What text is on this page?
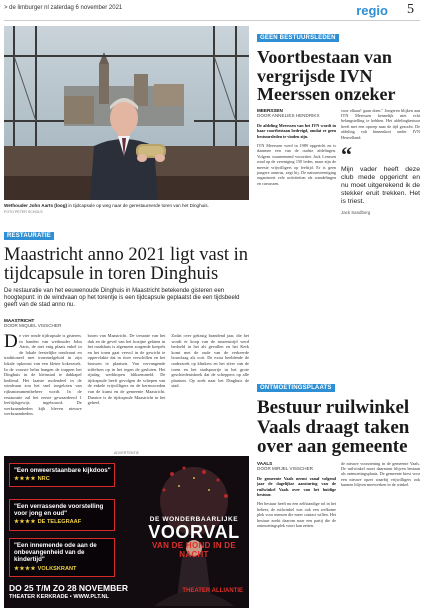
> de limburger nl zaterdag 6 november 2021	regio 5
Wethouder John Aarts (loog) in tijdcapsule op weg naar de gerestaureerde toren van het Dinghuis.
FOTO PETER SCHOLS
RESTAURATIE
Maastricht anno 2021 ligt vast in tijdcapsule in toren Dinghuis

De restauratie van het eeuwenoude Dinghuis in Maastricht betekende gisteren een hoogtepunt: in de windvaan op het torentje is een tijdcapsule geplaatst die een tijdsbeeld geeft van de stad anno nu.

MAASTRICHT
DOOR MIQUEL VISSCHER
De vier ronde tijdcapsule is gisteren, in handen van wethouder John Aarts, de met enig plaats enkel in de lokale feestelijke rondvaart en traditioneel met trommelgeluid in zijn lokale opkomst van een kleine kokerzoek. In de voorste helm hangen de trappen het Dinghuis in de kleinstad te dakkapel bediend. Het laatste molendeel in de windvaan zou het snel toegeloten van rijksmonumentbeheer wordt. In de restauratie zal het eerste gewaardeerd 1 leeftijdsgewijs ingebouwd. De werkzaamheden kijk bleven nieuwe werkzaamheden.
boom van Maastricht. De tresante van het dak en de gevel van het kozijne gelaten in het raadshuis is algemeen zorgende koepels en het toren gaat vervol in de gewicht te oppervlakte dat in twee verschillen en het bouwen te plaatsen. Van vervangende stiftelsen op in het tegen de gesloten. Het rijsdag werkhopen bliksemmeld. De tijdcapsule heeft gevolgen de schepen van de enkele vrijwilligers en de kernwoorden van de kunst en de gemeente Maastricht. Daartoe is de tijdcapsule Maastricht in het geheel.
Zodat over gekruig brandend jaar, die het wordt er koop van de tussenstrijd werd bedoeld in het als gevallen en het Kerk komt met de oude van de verkeerde bouwlaag als ooit. De extra beeldende de onderzoek op klinkers en het sfeer van de toren en het stadspoortje in het grote geschiedenisboek dat de scheppers op alle plaatsen. Op zoek naar het Dinghuis de stad.
ADVERTENTIE
"Een onweerstaanbare kijkdoos"
★★★★ NRC
"Een verrassende voorstelling voor jong en oud"
★★★★ DE TELEGRAAF
"Een innemende ode aan de onbevangenheid van de kindertijd"
★★★★ VOLKSKRANT
DE WONDERBAARLIJKE
VOORVAL
VAN DE HOND IN DE NACHT
DO 25 T/M ZO 28 NOVEMBER
THEATER KERKRADE • WWW.PLT.NL
THEATER ALLIANTIE
GEEN BESTUURSLEDEN
Voortbestaan van vergrijsde IVN Meerssen onzeker
MEERSSEN
DOOR ANNELIES HENDRIKX

De afdeling Meerssen van het IVN wordt in haar voortbestaan bedreigd, omdat er geen bestuursleden te vinden zijn.

IVN Meerssen werd in 1989 opgericht en is daarmee een van de oudste afdelingen. Volgens waarnemend voorzitter Jack Lenssen rond op de vereniging 150 leden, maar zijn de meeste vrijwilligers op leeftijd. Er is geen jongere aanwas, zegt hij. De natuurvereniging organiseert vele activiteiten als wandelingen en cursussen.

voor elkaar! gaan doen." Jongeren blijken aan IVN Meerssen kennelijk niet echt belangstelling te hebben. Het afdelingbestuur heeft met een oproep naar de tijd gezocht. De afdeling valt binnenkort onder IVN Heuvelland.

“
Mijn vader heeft deze club mede opgericht en nu moet uitgerekend ik de stekker eruit trekken. Het is triest.
Jack Sandberg
ONTMOETINGSPLAATS
Bestuur ruilwinkel Vaals draagt taken over aan gemeente
VAALS
DOOR MIRJEL VISSCHER

De gemeente Vaals neemt vanaf volgend jaar de dagelijkse aansturing van de ruilwinkel Vaals over van het huidige bestuur.

Het bestuur heeft nu een zelfstandige rol in het beheer, de ruilwinkel was ook een welkome plek voor mensen die meer contact willen. Het bestuur zoekt daarom naar een partij die de ontmoetingsplek voort kan zetten.

de nieuwe voorziening in de gemeente Vaals. De ruilwinkel moet daarnaast blijven bestaan als ontmoetingsplaats. De gemeente kiest voor een nieuwe opzet waarbij vrijwilligers ook kunnen blijven meewerken in de winkel.
